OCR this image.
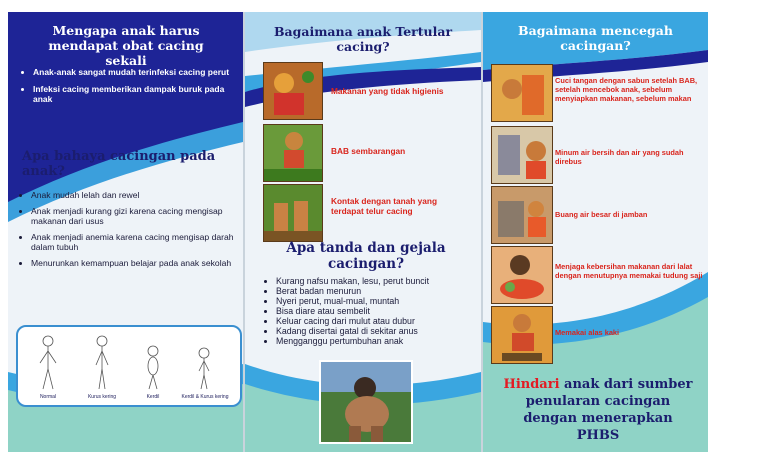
Mengapa anak harus mendapat obat cacing sekali
• Anak-anak sangat mudah terinfeksi cacing perut
• Infeksi cacing memberikan dampak buruk pada anak
Apa bahaya cacingan pada anak?
• Anak mudah lelah dan rewel
• Anak menjadi kurang gizi karena cacing mengisap makanan dari usus
• Anak menjadi anemia karena cacing mengisap darah dalam tubuh
• Menurunkan kemampuan belajar pada anak sekolah
Normal	Kurus kering	Kerdil	Kerdil & Kurus kering
Bagaimana anak Tertular cacing?
Makanan yang tidak higienis
BAB sembarangan
Kontak dengan tanah yang terdapat telur cacing
Apa tanda dan gejala cacingan?
• Kurang nafsu makan, lesu, perut buncit
• Berat badan menurun
• Nyeri perut, mual-mual, muntah
• Bisa diare atau sembelit
• Keluar cacing dari mulut atau dubur
• Kadang disertai gatal di sekitar anus
• Mengganggu pertumbuhan anak
Bagaimana mencegah cacingan?
Cuci tangan dengan sabun setelah BAB, setelah mencebok anak, sebelum menyiapkan makanan, sebelum makan
Minum air bersih dan air yang sudah direbus
Buang air besar di jamban
Menjaga kebersihan makanan dari lalat dengan menutupnya memakai tudung saji
Memakai alas kaki
Hindari anak dari sumber penularan cacingan dengan menerapkan PHBS
